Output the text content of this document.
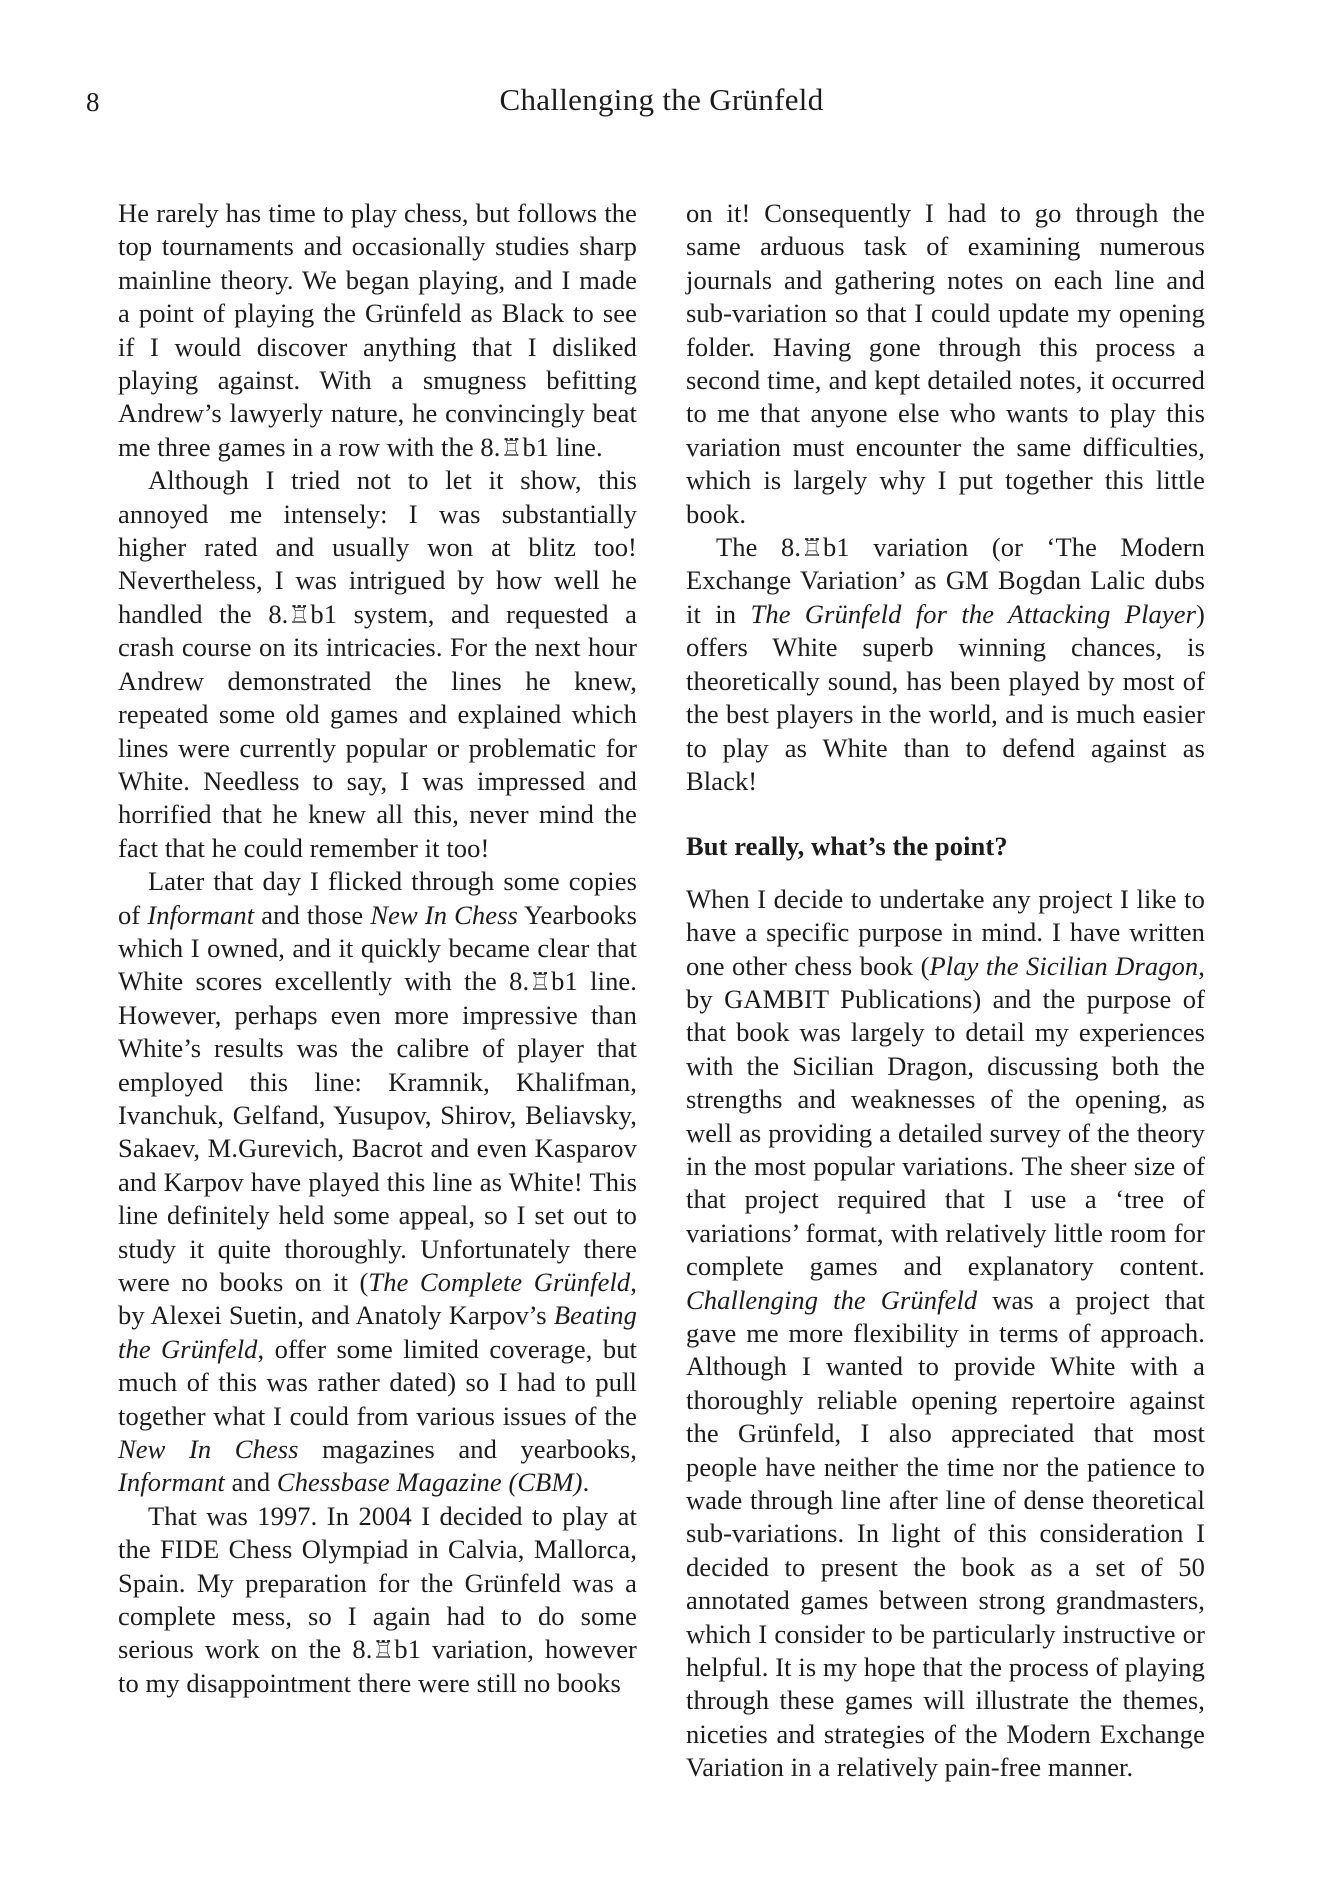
8	Challenging the Grünfeld

He rarely has time to play chess, but follows the top tournaments and occasionally studies sharp mainline theory. We began playing, and I made a point of playing the Grünfeld as Black to see if I would discover anything that I disliked playing against. With a smugness befitting Andrew’s lawyerly nature, he convincingly beat me three games in a row with the 8.♖b1 line.

Although I tried not to let it show, this annoyed me intensely: I was substantially higher rated and usually won at blitz too! Nevertheless, I was intrigued by how well he handled the 8.♖b1 system, and requested a crash course on its intricacies. For the next hour Andrew demonstrated the lines he knew, repeated some old games and explained which lines were currently popular or problematic for White. Needless to say, I was impressed and horrified that he knew all this, never mind the fact that he could remember it too!

Later that day I flicked through some copies of Informant and those New In Chess Yearbooks which I owned, and it quickly became clear that White scores excellently with the 8.♖b1 line. However, perhaps even more impressive than White’s results was the calibre of player that employed this line: Kramnik, Khalifman, Ivanchuk, Gelfand, Yusupov, Shirov, Beliavsky, Sakaev, M.Gurevich, Bacrot and even Kasparov and Karpov have played this line as White! This line definitely held some appeal, so I set out to study it quite thoroughly. Unfortunately there were no books on it (The Complete Grünfeld, by Alexei Suetin, and Anatoly Karpov’s Beating the Grünfeld, offer some limited coverage, but much of this was rather dated) so I had to pull together what I could from various issues of the New In Chess magazines and yearbooks, Informant and Chessbase Magazine (CBM).

That was 1997. In 2004 I decided to play at the FIDE Chess Olympiad in Calvia, Mallorca, Spain. My preparation for the Grünfeld was a complete mess, so I again had to do some serious work on the 8.♖b1 variation, however to my disappointment there were still no books

on it! Consequently I had to go through the same arduous task of examining numerous journals and gathering notes on each line and sub-variation so that I could update my opening folder. Having gone through this process a second time, and kept detailed notes, it occurred to me that anyone else who wants to play this variation must encounter the same difficulties, which is largely why I put together this little book.

The 8.♖b1 variation (or ‘The Modern Exchange Variation’ as GM Bogdan Lalic dubs it in The Grünfeld for the Attacking Player) offers White superb winning chances, is theoretically sound, has been played by most of the best players in the world, and is much easier to play as White than to defend against as Black!

But really, what’s the point?

When I decide to undertake any project I like to have a specific purpose in mind. I have written one other chess book (Play the Sicilian Dragon, by GAMBIT Publications) and the purpose of that book was largely to detail my experiences with the Sicilian Dragon, discussing both the strengths and weaknesses of the opening, as well as providing a detailed survey of the theory in the most popular variations. The sheer size of that project required that I use a ‘tree of variations’ format, with relatively little room for complete games and explanatory content. Challenging the Grünfeld was a project that gave me more flexibility in terms of approach. Although I wanted to provide White with a thoroughly reliable opening repertoire against the Grünfeld, I also appreciated that most people have neither the time nor the patience to wade through line after line of dense theoretical sub-variations. In light of this consideration I decided to present the book as a set of 50 annotated games between strong grandmasters, which I consider to be particularly instructive or helpful. It is my hope that the process of playing through these games will illustrate the themes, niceties and strategies of the Modern Exchange Variation in a relatively pain-free manner.
